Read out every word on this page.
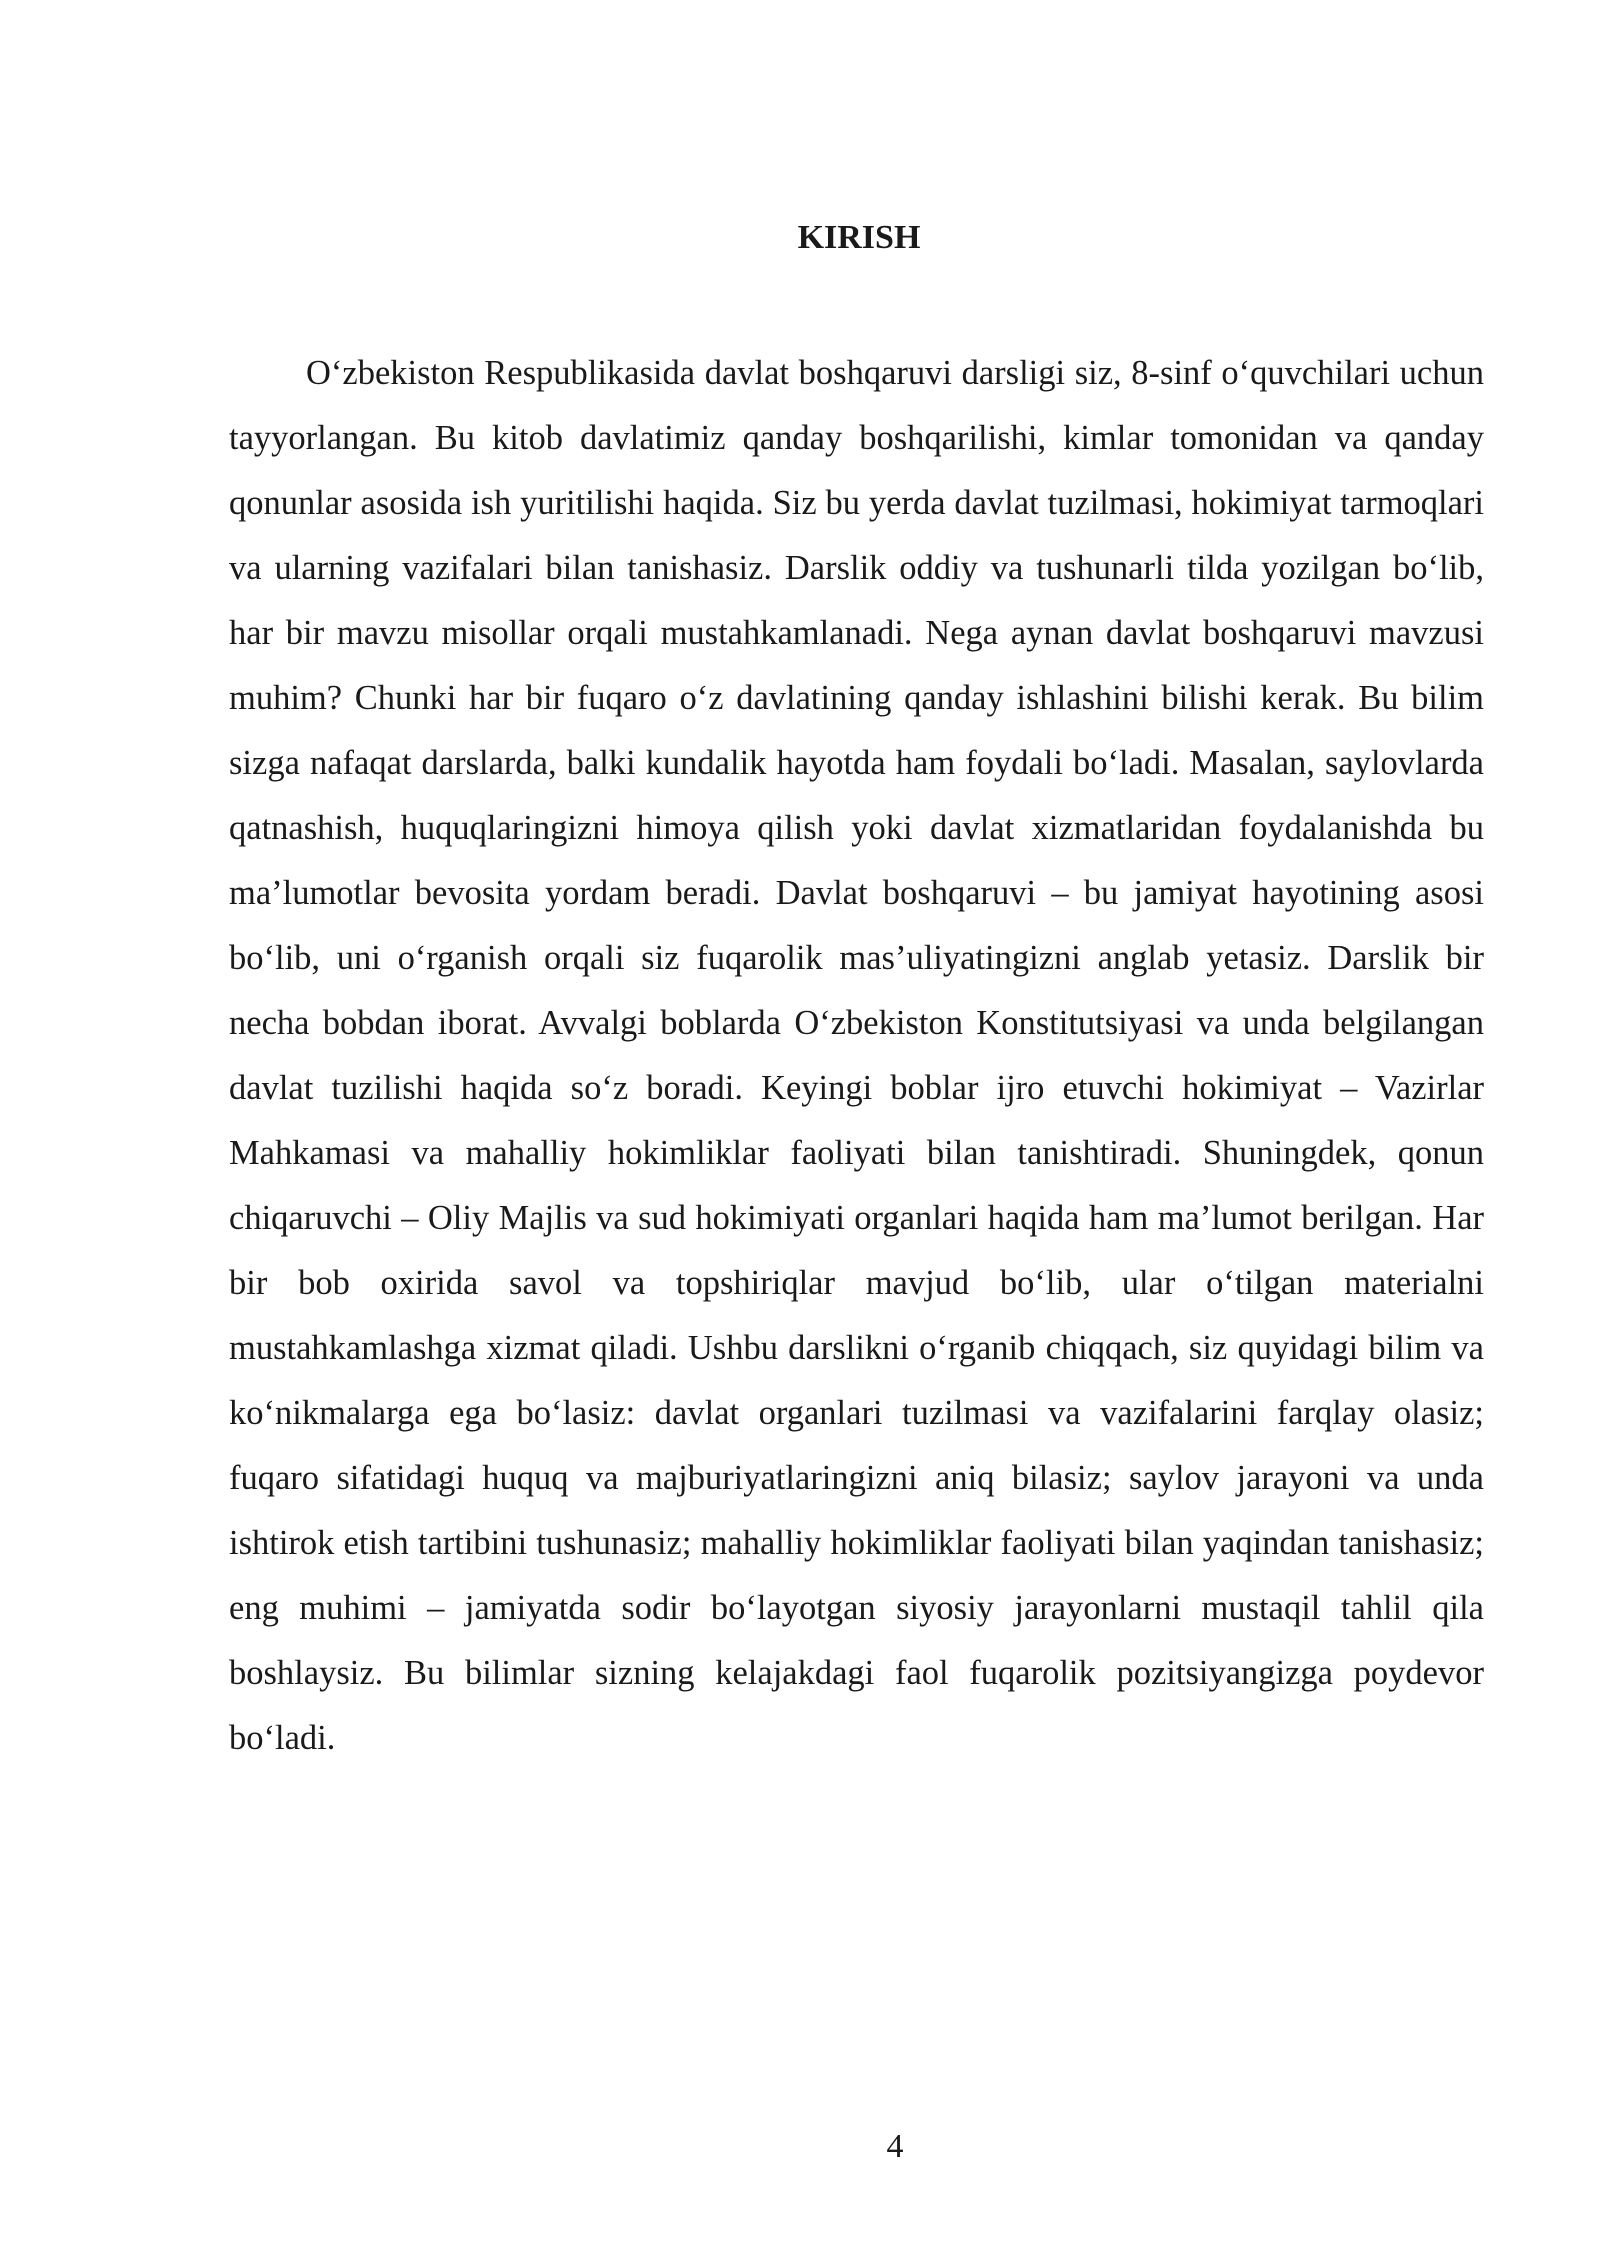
KIRISH

O‘zbekiston Respublikasida davlat boshqaruvi darsligi siz, 8-sinf o‘quvchilari uchun tayyorlangan. Bu kitob davlatimiz qanday boshqarilishi, kimlar tomonidan va qanday qonunlar asosida ish yuritilishi haqida. Siz bu yerda davlat tuzilmasi, hokimiyat tarmoqlari va ularning vazifalari bilan tanishasiz. Darslik oddiy va tushunarli tilda yozilgan bo‘lib, har bir mavzu misollar orqali mustahkamlanadi. Nega aynan davlat boshqaruvi mavzusi muhim? Chunki har bir fuqaro o‘z davlatining qanday ishlashini bilishi kerak. Bu bilim sizga nafaqat darslarda, balki kundalik hayotda ham foydali bo‘ladi. Masalan, saylovlarda qatnashish, huquqlaringizni himoya qilish yoki davlat xizmatlaridan foydalanishda bu ma’lumotlar bevosita yordam beradi. Davlat boshqaruvi – bu jamiyat hayotining asosi bo‘lib, uni o‘rganish orqali siz fuqarolik mas’uliyatingizni anglab yetasiz. Darslik bir necha bobdan iborat. Avvalgi boblarda O‘zbekiston Konstitutsiyasi va unda belgilangan davlat tuzilishi haqida so‘z boradi. Keyingi boblar ijro etuvchi hokimiyat – Vazirlar Mahkamasi va mahalliy hokimliklar faoliyati bilan tanishtiradi. Shuningdek, qonun chiqaruvchi – Oliy Majlis va sud hokimiyati organlari haqida ham ma’lumot berilgan. Har bir bob oxirida savol va topshiriqlar mavjud bo‘lib, ular o‘tilgan materialni mustahkamlashga xizmat qiladi. Ushbu darslikni o‘rganib chiqqach, siz quyidagi bilim va ko‘nikmalarga ega bo‘lasiz: davlat organlari tuzilmasi va vazifalarini farqlay olasiz; fuqaro sifatidagi huquq va majburiyatlaringizni aniq bilasiz; saylov jarayoni va unda ishtirok etish tartibini tushunasiz; mahalliy hokimliklar faoliyati bilan yaqindan tanishasiz; eng muhimi – jamiyatda sodir bo‘layotgan siyosiy jarayonlarni mustaqil tahlil qila boshlaysiz. Bu bilimlar sizning kelajakdagi faol fuqarolik pozitsiyangizga poydevor bo‘ladi.

4
